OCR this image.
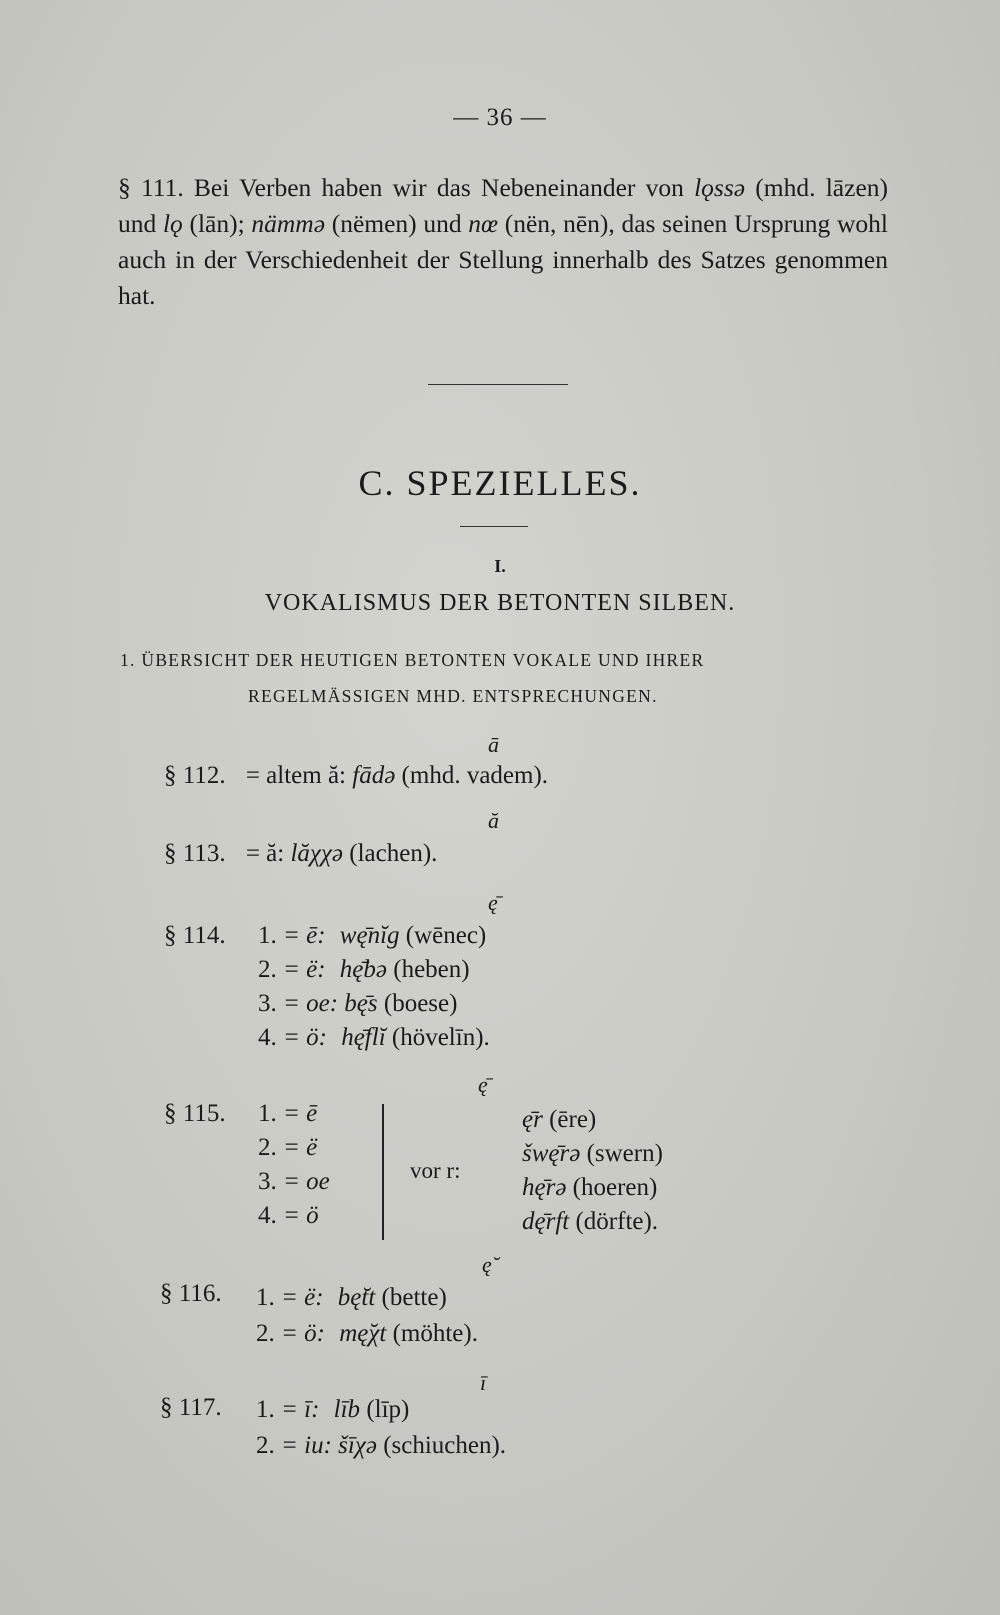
— 36 —
§ 111. Bei Verben haben wir das Nebeneinander von lǫssə (mhd. lāzen) und lǫ (lān); nämmə (nëmen) und nœ (nën, nēn), das seinen Ursprung wohl auch in der Verschiedenheit der Stellung innerhalb des Satzes genommen hat.
C. SPEZIELLES.
I.
VOKALISMUS DER BETONTEN SILBEN.
1. ÜBERSICHT DER HEUTIGEN BETONTEN VOKALE UND IHRER
REGELMÄSSIGEN MHD. ENTSPRECHUNGEN.
ā
§ 112. = altem ă: fādə (mhd. vadem).
ă
§ 113. = ă: lăχχə (lachen).
ę̄
§ 114. 1. = ē: wę̄nĭg (wēnec)
2. = ë: hę̄bə (heben)
3. = oe: bę̄s (boese)
4. = ö: hę̄flĭ (hövelīn).
ę̄
§ 115. 1. = ē
2. = ë
3. = oe
4. = ö
vor r:
ę̄r (ēre)
šwę̄rə (swern)
hę̄rə (hoeren)
dę̄rft (dörfte).
ę̆
§ 116. 1. = ë: bę̆tt (bette)
2. = ö: mę̆χt (möhte).
ī
§ 117. 1. = ī: līb (līp)
2. = iu: šīχə (schiuchen).
